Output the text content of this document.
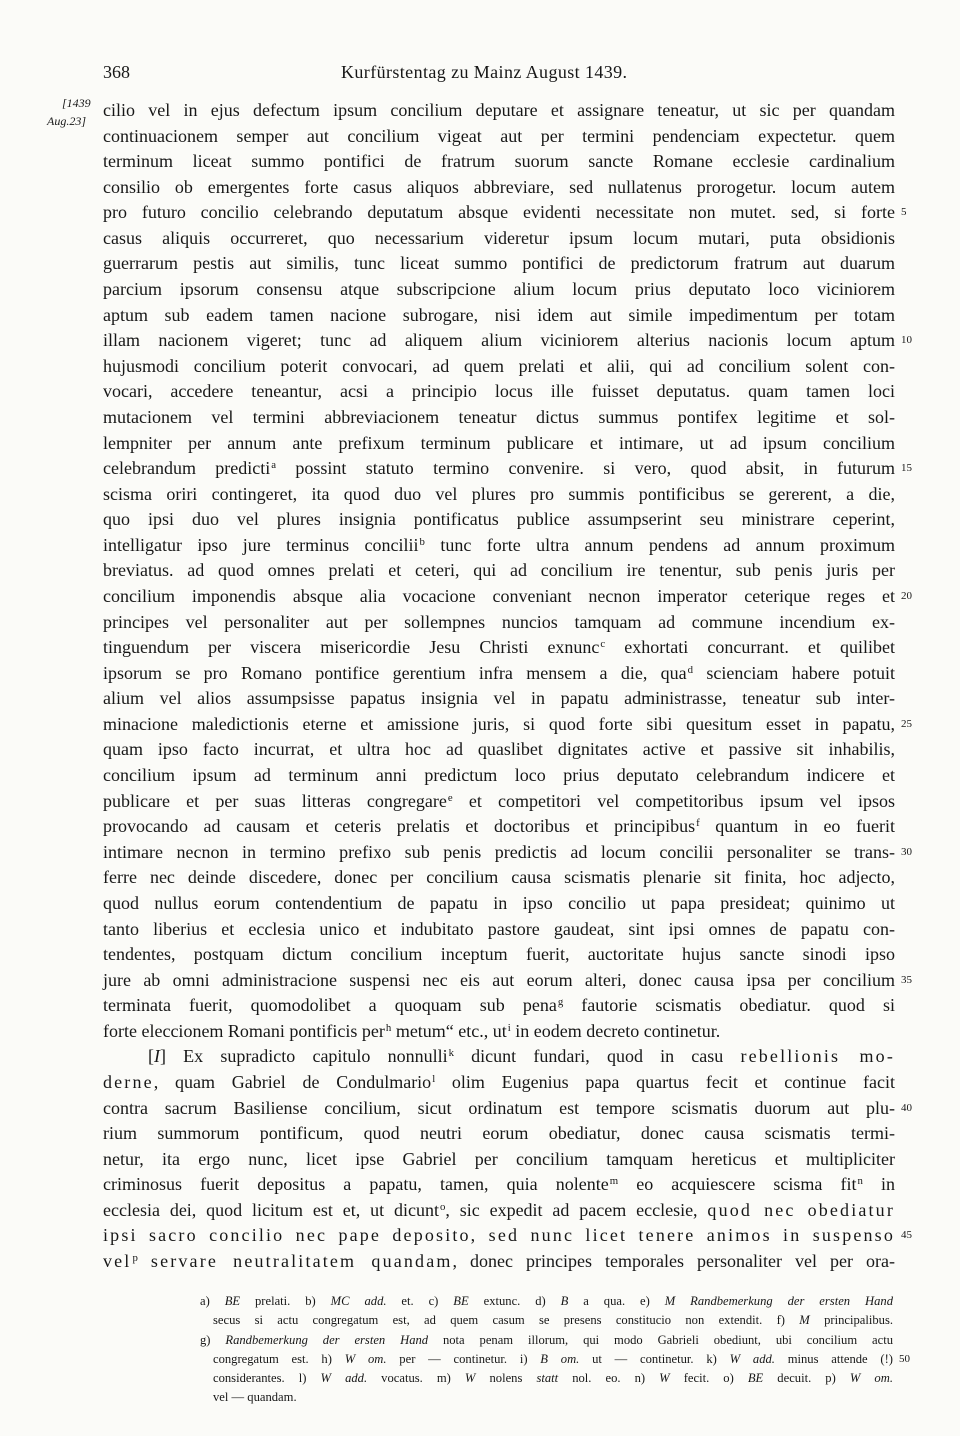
368	Kurfürstentag zu Mainz August 1439.
[1439
Aug.23]
cilio vel in ejus defectum ipsum concilium deputare et assignare teneatur, ut sic per quandam
continuacionem semper aut concilium vigeat aut per termini pendenciam expectetur. quem
terminum liceat summo pontifici de fratrum suorum sancte Romane ecclesie cardinalium
consilio ob emergentes forte casus aliquos abbreviare, sed nullatenus prorogetur. locum autem
pro futuro concilio celebrando deputatum absque evidenti necessitate non mutet. sed, si forte 5
casus aliquis occurreret, quo necessarium videretur ipsum locum mutari, puta obsidionis
guerrarum pestis aut similis, tunc liceat summo pontifici de predictorum fratrum aut duarum
parcium ipsorum consensu atque subscripcione alium locum prius deputato loco viciniorem
aptum sub eadem tamen nacione subrogare, nisi idem aut simile impedimentum per totam
illam nacionem vigeret; tunc ad aliquem alium viciniorem alterius nacionis locum aptum 10
hujusmodi concilium poterit convocari, ad quem prelati et alii, qui ad concilium solent con-
vocari, accedere teneantur, acsi a principio locus ille fuisset deputatus. quam tamen loci
mutacionem vel termini abbreviacionem teneatur dictus summus pontifex legitime et sol-
lempniter per annum ante prefixum terminum publicare et intimare, ut ad ipsum concilium
celebrandum predicti$^a$ possint statuto termino convenire. si vero, quod absit, in futurum 15
scisma oriri contingeret, ita quod duo vel plures pro summis pontificibus se gererent, a die,
quo ipsi duo vel plures insignia pontificatus publice assumpserint seu ministrare ceperint,
intelligatur ipso jure terminus concilii$^b$ tunc forte ultra annum pendens ad annum proximum
breviatus. ad quod omnes prelati et ceteri, qui ad concilium ire tenentur, sub penis juris per
concilium imponendis absque alia vocacione conveniant necnon imperator ceterique reges et 20
principes vel personaliter aut per sollempnes nuncios tamquam ad commune incendium ex-
tinguendum per viscera misericordie Jesu Christi exnunc$^c$ exhortati concurrant. et quilibet
ipsorum se pro Romano pontifice gerentium infra mensem a die, qua$^d$ scienciam habere potuit
alium vel alios assumpsisse papatus insignia vel in papatu administrasse, teneatur sub inter-
minacione maledictionis eterne et amissione juris, si quod forte sibi quesitum esset in papatu, 25
quam ipso facto incurrat, et ultra hoc ad quaslibet dignitates active et passive sit inhabilis,
concilium ipsum ad terminum anni predictum loco prius deputato celebrandum indicere et
publicare et per suas litteras congregare$^e$ et competitori vel competitoribus ipsum vel ipsos
provocando ad causam et ceteris prelatis et doctoribus et principibus$^f$ quantum in eo fuerit
intimare necnon in termino prefixo sub penis predictis ad locum concilii personaliter se trans- 30
ferre nec deinde discedere, donec per concilium causa scismatis plenarie sit finita, hoc adjecto,
quod nullus eorum contendentium de papatu in ipso concilio ut papa presideat; quinimo ut
tanto liberius et ecclesia unico et indubitato pastore gaudeat, sint ipsi omnes de papatu con-
tendentes, postquam dictum concilium inceptum fuerit, auctoritate hujus sancte sinodi ipso
jure ab omni administracione suspensi nec eis aut eorum alteri, donec causa ipsa per concilium 35
terminata fuerit, quomodolibet a quoquam sub pena$^g$ fautorie scismatis obediatur. quod si
forte eleccionem Romani pontificis per$^h$ metum“ etc., $ut^i$ in eodem decreto continetur.
[I] Ex supradicto capitulo nonnulli$^k$ dicunt fundari, quod in casu rebellionis mo-
derne, quam Gabriel de Condulmario$^l$ olim Eugenius papa quartus fecit et continue facit
contra sacrum Basiliense concilium, sicut ordinatum est tempore scismatis duorum aut plu- 40
rium summorum pontificum, quod neutri eorum obediatur, donec causa scismatis termi-
netur, ita ergo nunc, licet ipse Gabriel per concilium tamquam hereticus et multipliciter
criminosus fuerit depositus a papatu, tamen, quia nolente$^m$ eo acquiescere scisma fit$^n$ in
ecclesia dei, quod licitum est et, ut dicunt$^o$, sic expedit ad pacem ecclesie, quod nec obediatur
ipsi sacro concilio nec pape deposito, sed nunc licet tenere animos in suspenso 45
vel$^p$ servare neutralitatem quandam, donec principes temporales personaliter vel per ora-
a) BE prelati. b) MC add. et. c) BE extunc. d) B a qua. e) M Randbemerkung der ersten Hand
secus si actu congregatum est, ad quem casum se presens constitucio non extendit. f) M principalibus.
g) Randbemerkung der ersten Hand nota penam illorum, qui modo Gabrieli obediunt, ubi concilium actu
congregatum est. h) W om. per — continetur. i) B om. ut — continetur. k) W add. minus attende (!) 50
considerantes. l) W add. vocatus. m) W nolens statt nol. eo. n) W fecit. o) BE decuit. p) W om.
vel — quandam.
